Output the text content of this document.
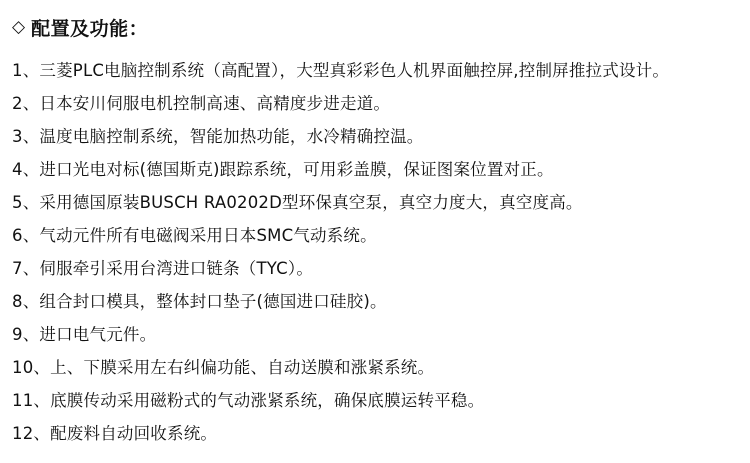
◇ 配置及功能：
1、三菱PLC电脑控制系统（高配置），大型真彩彩色人机界面触控屏,控制屏推拉式设计。
2、日本安川伺服电机控制高速、高精度步进走道。
3、温度电脑控制系统，智能加热功能，水冷精确控温。
4、进口光电对标(德国斯克)跟踪系统，可用彩盖膜，保证图案位置对正。
5、采用德国原装BUSCH RA0202D型环保真空泵，真空力度大，真空度高。
6、气动元件所有电磁阀采用日本SMC气动系统。
7、伺服牵引采用台湾进口链条（TYC）。
8、组合封口模具，整体封口垫子(德国进口硅胶)。
9、进口电气元件。
10、上、下膜采用左右纠偏功能、自动送膜和涨紧系统。
11、底膜传动采用磁粉式的气动涨紧系统，确保底膜运转平稳。
12、配废料自动回收系统。
